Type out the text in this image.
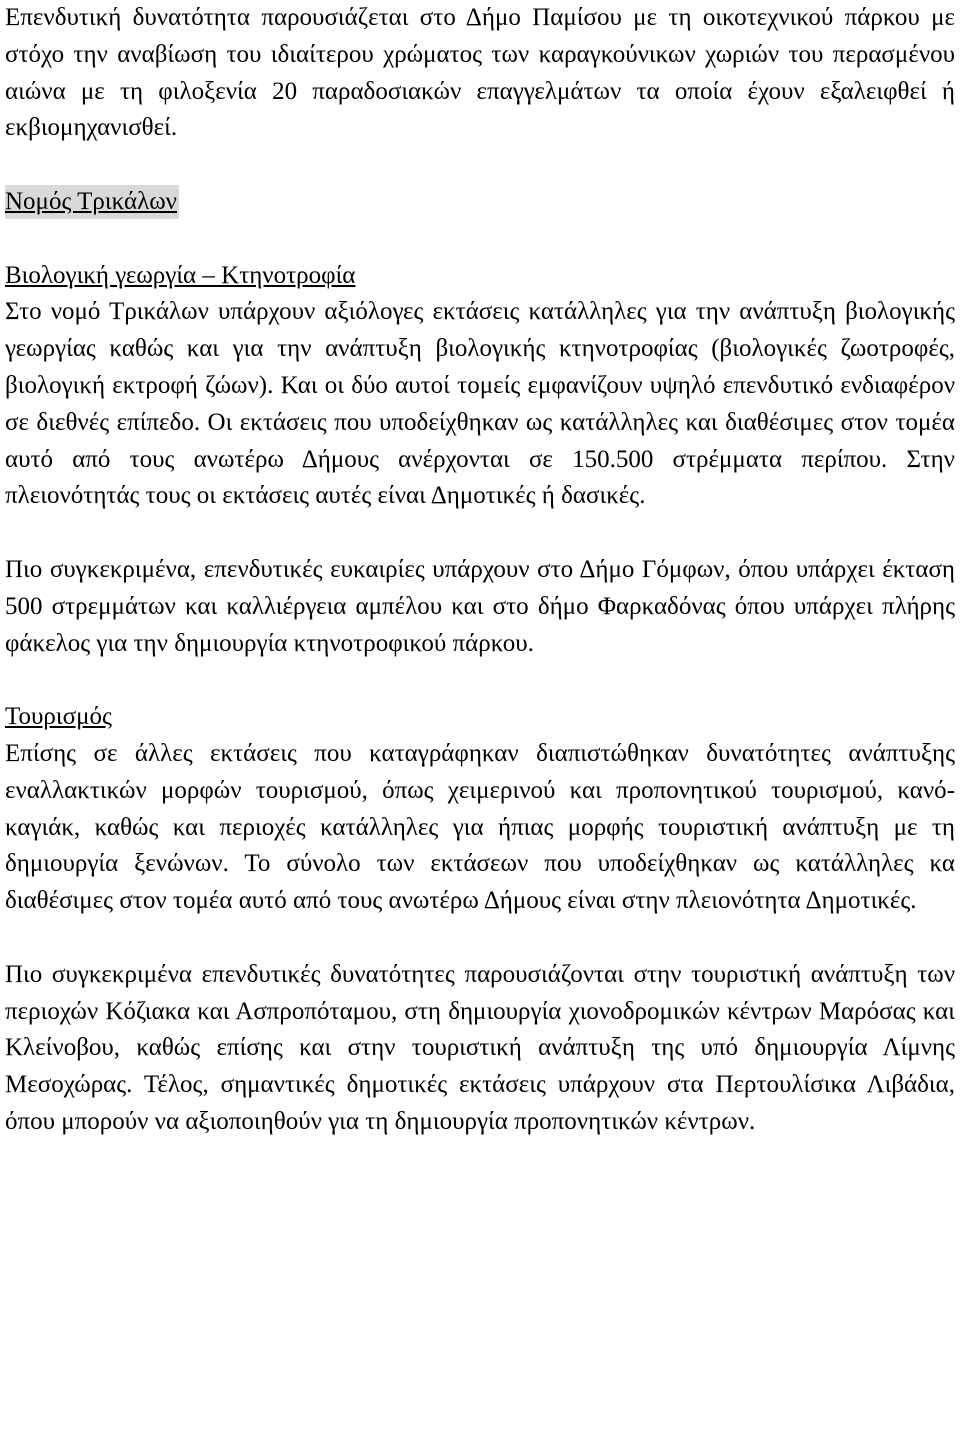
Επενδυτική δυνατότητα παρουσιάζεται στο Δήμο Παμίσου με τη οικοτεχνικού πάρκου με στόχο την αναβίωση του ιδιαίτερου χρώματος των καραγκούνικων χωριών του περασμένου αιώνα με τη φιλοξενία 20 παραδοσιακών επαγγελμάτων τα οποία έχουν εξαλειφθεί ή εκβιομηχανισθεί.

Νομός Τρικάλων

Βιολογική γεωργία – Κτηνοτροφία

Στο νομό Τρικάλων υπάρχουν αξιόλογες εκτάσεις κατάλληλες για την ανάπτυξη βιολογικής γεωργίας καθώς και για την ανάπτυξη βιολογικής κτηνοτροφίας (βιολογικές ζωοτροφές, βιολογική εκτροφή ζώων). Και οι δύο αυτοί τομείς εμφανίζουν υψηλό επενδυτικό ενδιαφέρον σε διεθνές επίπεδο. Οι εκτάσεις που υποδείχθηκαν ως κατάλληλες και διαθέσιμες στον τομέα αυτό από τους ανωτέρω Δήμους ανέρχονται σε 150.500 στρέμματα περίπου. Στην πλειονότητάς τους οι εκτάσεις αυτές είναι Δημοτικές ή δασικές.

Πιο συγκεκριμένα, επενδυτικές ευκαιρίες υπάρχουν στο Δήμο Γόμφων, όπου υπάρχει έκταση 500 στρεμμάτων και καλλιέργεια αμπέλου και στο δήμο Φαρκαδόνας όπου υπάρχει πλήρης φάκελος για την δημιουργία κτηνοτροφικού πάρκου.

Τουρισμός

Επίσης σε άλλες εκτάσεις που καταγράφηκαν διαπιστώθηκαν δυνατότητες ανάπτυξης εναλλακτικών μορφών τουρισμού, όπως χειμερινού και προπονητικού τουρισμού, κανό-καγιάκ, καθώς και περιοχές κατάλληλες για ήπιας μορφής τουριστική ανάπτυξη με τη δημιουργία ξενώνων. Το σύνολο των εκτάσεων που υποδείχθηκαν ως κατάλληλες κα διαθέσιμες στον τομέα αυτό από τους ανωτέρω Δήμους είναι στην πλειονότητα Δημοτικές.

Πιο συγκεκριμένα επενδυτικές δυνατότητες παρουσιάζονται στην τουριστική ανάπτυξη των περιοχών Κόζιακα και Ασπροπόταμου, στη δημιουργία χιονοδρομικών κέντρων Μαρόσας και Κλείνοβου, καθώς επίσης και στην τουριστική ανάπτυξη της υπό δημιουργία Λίμνης Μεσοχώρας. Τέλος, σημαντικές δημοτικές εκτάσεις υπάρχουν στα Περτουλίσικα Λιβάδια, όπου μπορούν να αξιοποιηθούν για τη δημιουργία προπονητικών κέντρων.
